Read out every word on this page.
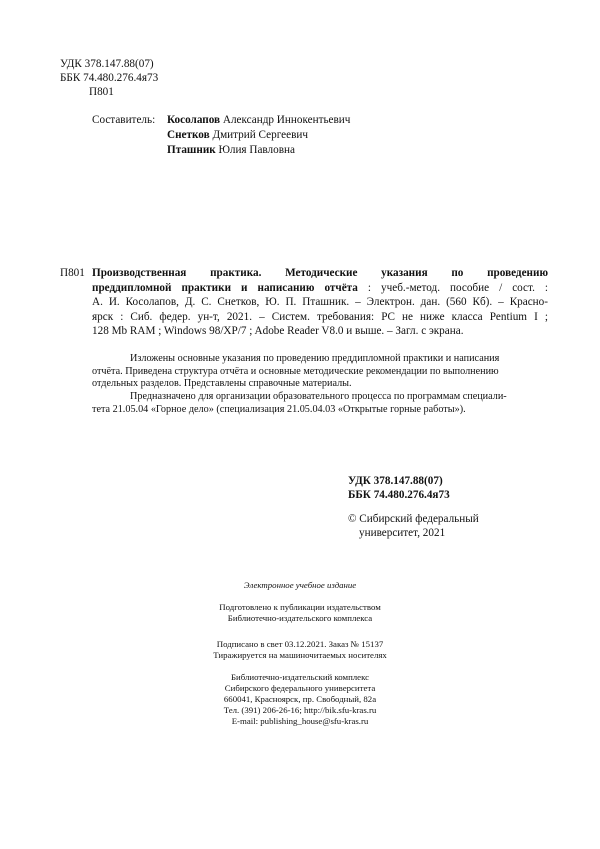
УДК 378.147.88(07)
ББК 74.480.276.4я73
П801
Составитель: Косолапов Александр Иннокентьевич
Снетков Дмитрий Сергеевич
Пташник Юлия Павловна
П801 Производственная практика. Методические указания по проведению
преддипломной практики и написанию отчёта : учеб.-метод. пособие / сост. :
А. И. Косолапов, Д. С. Снетков, Ю. П. Пташник. – Электрон. дан. (560 Кб). – Красно-
ярск : Сиб. федер. ун-т, 2021. – Систем. требования: PC не ниже класса Pentium I ;
128 Mb RAM ; Windows 98/XP/7 ; Adobe Reader V8.0 и выше. – Загл. с экрана.
Изложены основные указания по проведению преддипломной практики и написания
отчёта. Приведена структура отчёта и основные методические рекомендации по выполнению
отдельных разделов. Представлены справочные материалы.
Предназначено для организации образовательного процесса по программам специали-
тета 21.05.04 «Горное дело» (специализация 21.05.04.03 «Открытые горные работы»).
УДК 378.147.88(07)
ББК 74.480.276.4я73
© Сибирский федеральный
университет, 2021
Электронное учебное издание
Подготовлено к публикации издательством
Библиотечно-издательского комплекса
Подписано в свет 03.12.2021. Заказ № 15137
Тиражируется на машиночитаемых носителях
Библиотечно-издательский комплекс
Сибирского федерального университета
660041, Красноярск, пр. Свободный, 82а
Тел. (391) 206-26-16; http://bik.sfu-kras.ru
E-mail: publishing_house@sfu-kras.ru
